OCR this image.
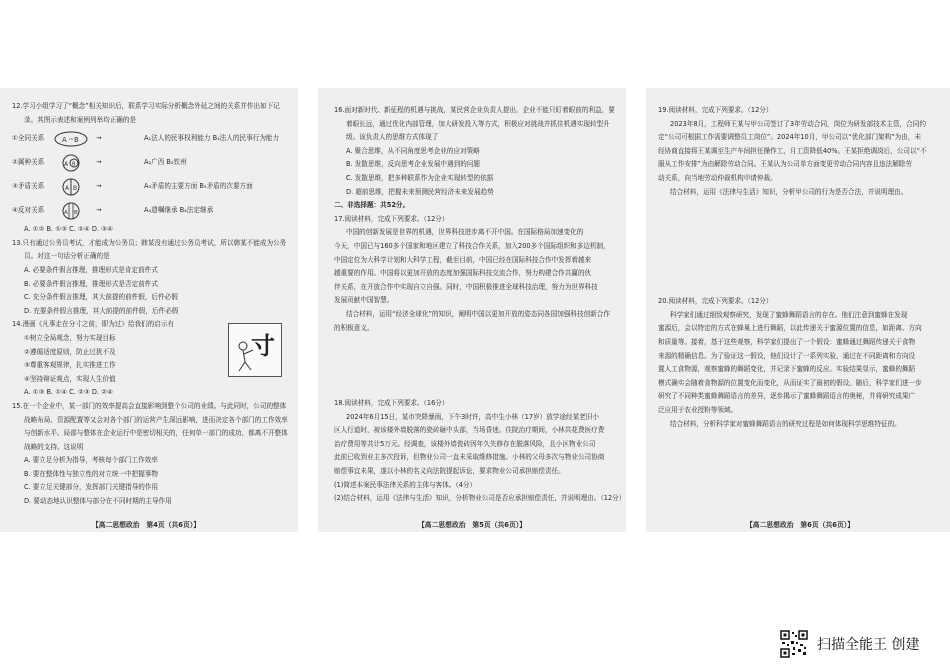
12.学习小组学习了“概念”相关知识后，联系学习实际分析概念外延之间的关系并作出如下记

录。其图示表述和案例列举均正确的是

①全同关系	A B	→	A₁法人的民事权利能力 B₁法人的民事行为能力
②属种关系	A B	→	A₂广西 B₂钦州
③矛盾关系	A B	→	A₃矛盾的主要方面 B₃矛盾的次要方面
④反对关系	A B	→	A₄遗嘱继承 B₄法定继承

A. ①② B. ①③ C. ②④ D. ③④

13.只有通过公务员考试，才能成为公务员；韩某没有通过公务员考试，所以韩某不能成为公务

员。对这一句话分析正确的是

A. 必要条件假言推理，推理形式是肯定前件式

B. 必要条件假言推理，推理形式是否定前件式

C. 充分条件假言推理，其大前提的前件假，后件必假

D. 充要条件假言推理，其大前提的前件假，后件必假

14.漫画《凡事走在分寸之前，即为过》给我们的启示有

①树立全局观念，努力实现目标

②遵循适度原则，防止过犹不及

③尊重客观规律，扎实推进工作

④坚持辩证观点，实现人生价值

A. ①③ B. ①④ C. ②③ D. ②④

15.在一个企业中，某一部门的效率提高会直接影响到整个公司的业绩。与此同时，公司的整体

战略布局、资源配置等又会对各个部门的运营产生深远影响，进而决定各个部门的工作效率

与创新水平。局部与整体在企业运行中是密切相关的，任何单一部门的成功，都离不开整体

战略的支持。这说明

A. 要立足分析为指导，考核每个部门工作效率

B. 要在整体性与独立性的对立统一中把握事物

C. 要立足关键部分，发挥部门关键指导的作用

D. 要动态地认识整体与部分在不同时期的主导作用

寸
【高二思想政治　第4页（共6页）】

16.面对新时代、新征程的机遇与挑战，某民营企业负责人提出，企业不能只盯着眼前的利益，要

着眼长远，通过优化内部管理，加大研发投入等方式，积极应对挑战并抓住机遇实现转型升

级。该负责人的思维方式体现了

A. 聚合思维，从不同角度思考企业的应对策略

B. 发散思维，反向思考企业发展中遇到的问题

C. 发散思维，把多种联系作为企业实现转型的依据

D. 超前思维，把握未来预测民营经济未来发展趋势

二、非选择题：共52分。

17.阅读材料，完成下列要求。（12分）

中国的创新发展是世界的机遇，世界科技进步离不开中国。在国际格局加速变化的

今天，中国已与160多个国家和地区建立了科技合作关系，加入200多个国际组织和多边机制，

中国定位为大科学计划和大科学工程，截至目前，中国已经在国际科技合作中发挥着越来

越重要的作用。中国将以更加开放的态度加强国际科技交流合作，努力构建合作共赢的伙

伴关系，在开放合作中实现自立自强。同时，中国积极推进全球科技治理，努力为世界科技

发展贡献中国智慧。

结合材料，运用“经济全球化”的知识，阐明中国以更加开放的姿态同各国加强科技创新合作

的积极意义。

18.阅读材料，完成下列要求。（16分）

2024年6月15日，某市突降暴雨，下午3时许，高中生小林（17岁）放学途经某老旧小

区人行道时，被该楼外墙脱落的瓷砖砸中头部，当场昏迷。住院治疗期间，小林共花费医疗费

治疗费用等共计5万元。经调查，该楼外墙瓷砖因年久失修存在脱落风险，且小区物业公司

此前已收到业主多次投诉，但物业公司一直未采取维修措施。小林的父母多次与物业公司协商

赔偿事宜未果，遂以小林的名义向法院提起诉讼，要求物业公司承担赔偿责任。

(1)简述本案民事法律关系的主体与客体。（4分）

(2)结合材料，运用《法律与生活》知识，分析物业公司是否应承担赔偿责任，并说明理由。（12分）

【高二思想政治　第5页（共6页）】

19.阅读材料，完成下列要求。（12分）

2023年8月，工程师王某与甲公司签订了3年劳动合同，岗位为研发部技术主管，合同约

定“公司可根据工作需要调整员工岗位”。2024年10月，甲公司以“优化部门架构”为由，未

经协商直接将王某调至生产车间担任操作工，月工资降低40%。王某拒绝调岗后，公司以“不

服从工作安排”为由解除劳动合同。王某认为公司单方面变更劳动合同内容且违法解除劳

动关系，向当地劳动仲裁机构申请仲裁。

结合材料，运用《法律与生活》知识，分析甲公司的行为是否合法，并说明理由。

20.阅读材料，完成下列要求。（12分）

科学家们通过细致观察研究，发现了蜜蜂舞蹈语言的存在。他们注意到蜜蜂在发现

蜜源后，会以特定的方式在蜂巢上进行舞蹈，以此传递关于蜜源位置的信息，如距离、方向

和质量等。接着，基于这些观察，科学家们提出了一个假设：蜜蜂通过舞蹈传递关于食物

来源的精确信息。为了验证这一假设，他们设计了一系列实验，通过在不同距离和方向设

置人工食物源，观察蜜蜂的舞蹈变化，并记录下蜜蜂的反应。实验结果显示，蜜蜂的舞蹈

模式确实会随着食物源的位置变化而变化，从而证实了最初的假设。随后，科学家们进一步

研究了不同种类蜜蜂舞蹈语言的差异，逐步揭示了蜜蜂舞蹈语言的奥秘，并将研究成果广

泛应用于农业授粉等领域。

结合材料，分析科学家对蜜蜂舞蹈语言的研究过程是如何体现科学思维特征的。

【高二思想政治　第6页（共6页）】
扫描全能王 创建
